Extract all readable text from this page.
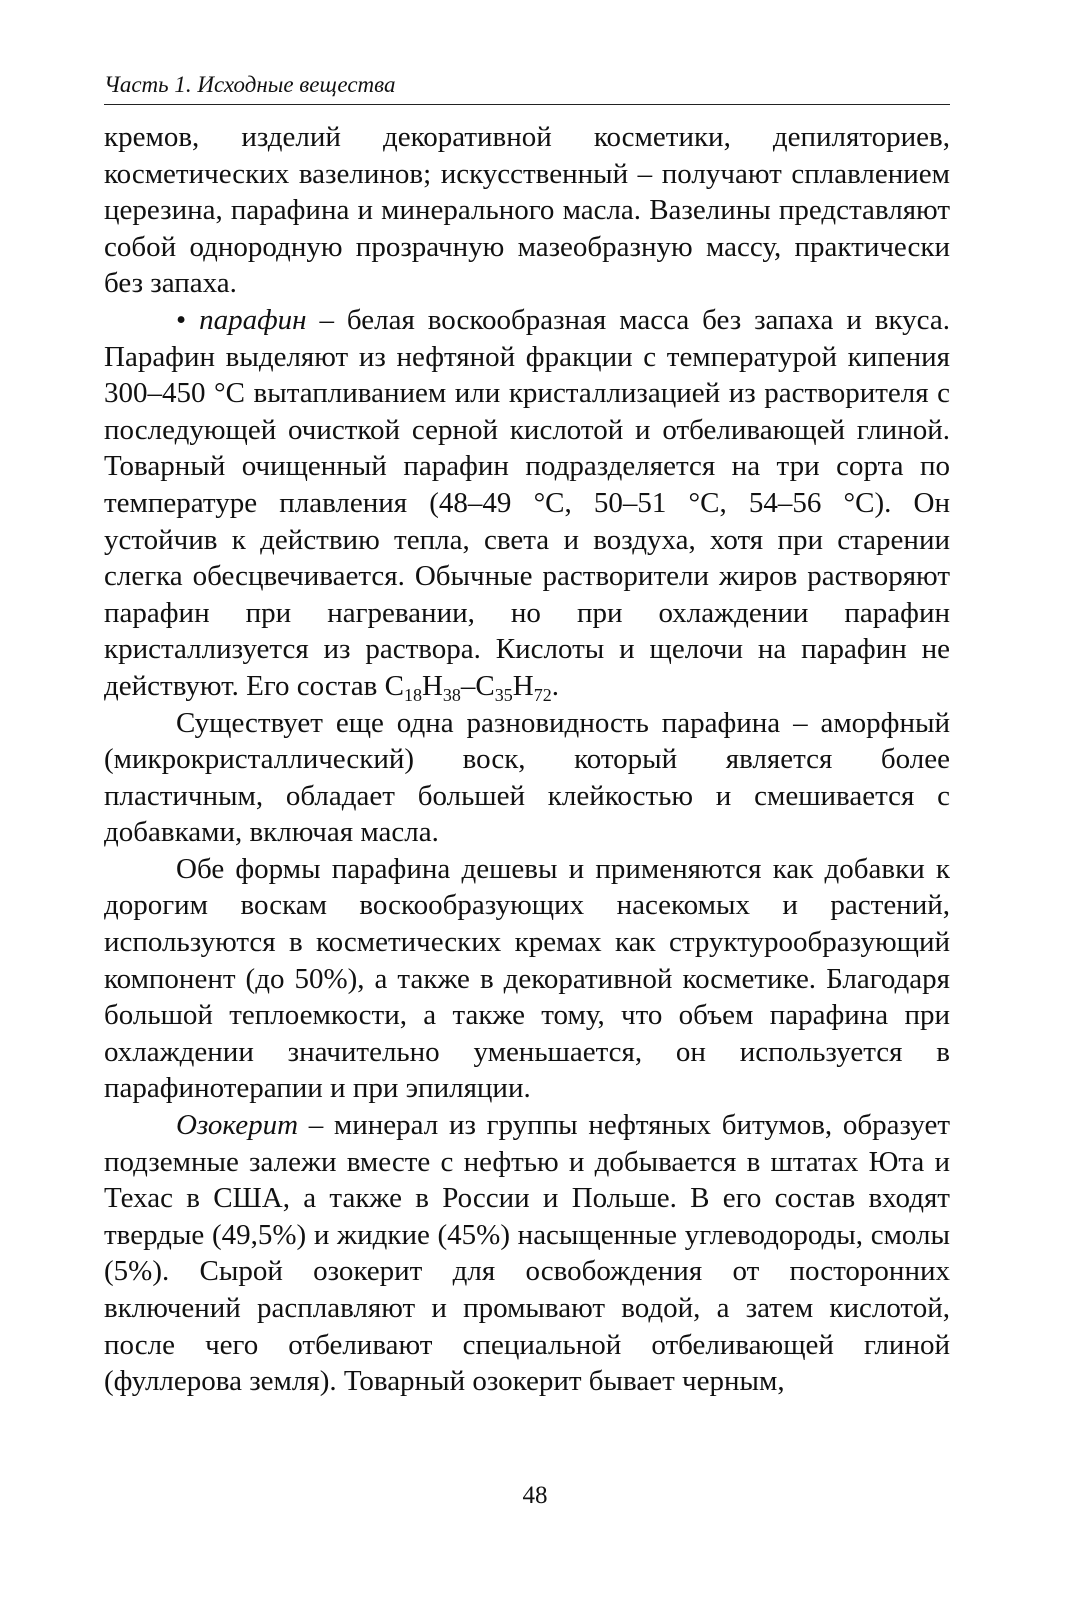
Часть 1. Исходные вещества

кремов, изделий декоративной косметики, депиляториев, косметических вазелинов; искусственный – получают сплавлением церезина, парафина и минерального масла. Вазелины представляют собой однородную прозрачную мазеобразную массу, практически без запаха.

• парафин – белая воскообразная масса без запаха и вкуса. Парафин выделяют из нефтяной фракции с температурой кипения 300–450 °С вытапливанием или кристаллизацией из растворителя с последующей очисткой серной кислотой и отбеливающей глиной. Товарный очищенный парафин подразделяется на три сорта по температуре плавления (48–49 °С, 50–51 °С, 54–56 °С). Он устойчив к действию тепла, света и воздуха, хотя при старении слегка обесцвечивается. Обычные растворители жиров растворяют парафин при нагревании, но при охлаждении парафин кристаллизуется из раствора. Кислоты и щелочи на парафин не действуют. Его состав $C_{18}H_{38}-C_{35}H_{72}$.

Существует еще одна разновидность парафина – аморфный (микрокристаллический) воск, который является более пластичным, обладает большей клейкостью и смешивается с добавками, включая масла.

Обе формы парафина дешевы и применяются как добавки к дорогим воскам воскообразующих насекомых и растений, используются в косметических кремах как структурообразующий компонент (до 50%), а также в декоративной косметике. Благодаря большой теплоемкости, а также тому, что объем парафина при охлаждении значительно уменьшается, он используется в парафинотерапии и при эпиляции.

Озокерит – минерал из группы нефтяных битумов, образует подземные залежи вместе с нефтью и добывается в штатах Юта и Техас в США, а также в России и Польше. В его состав входят твердые (49,5%) и жидкие (45%) насыщенные углеводороды, смолы (5%). Сырой озокерит для освобождения от посторонних включений расплавляют и промывают водой, а затем кислотой, после чего отбеливают специальной отбеливающей глиной (фуллерова земля). Товарный озокерит бывает черным,

48
